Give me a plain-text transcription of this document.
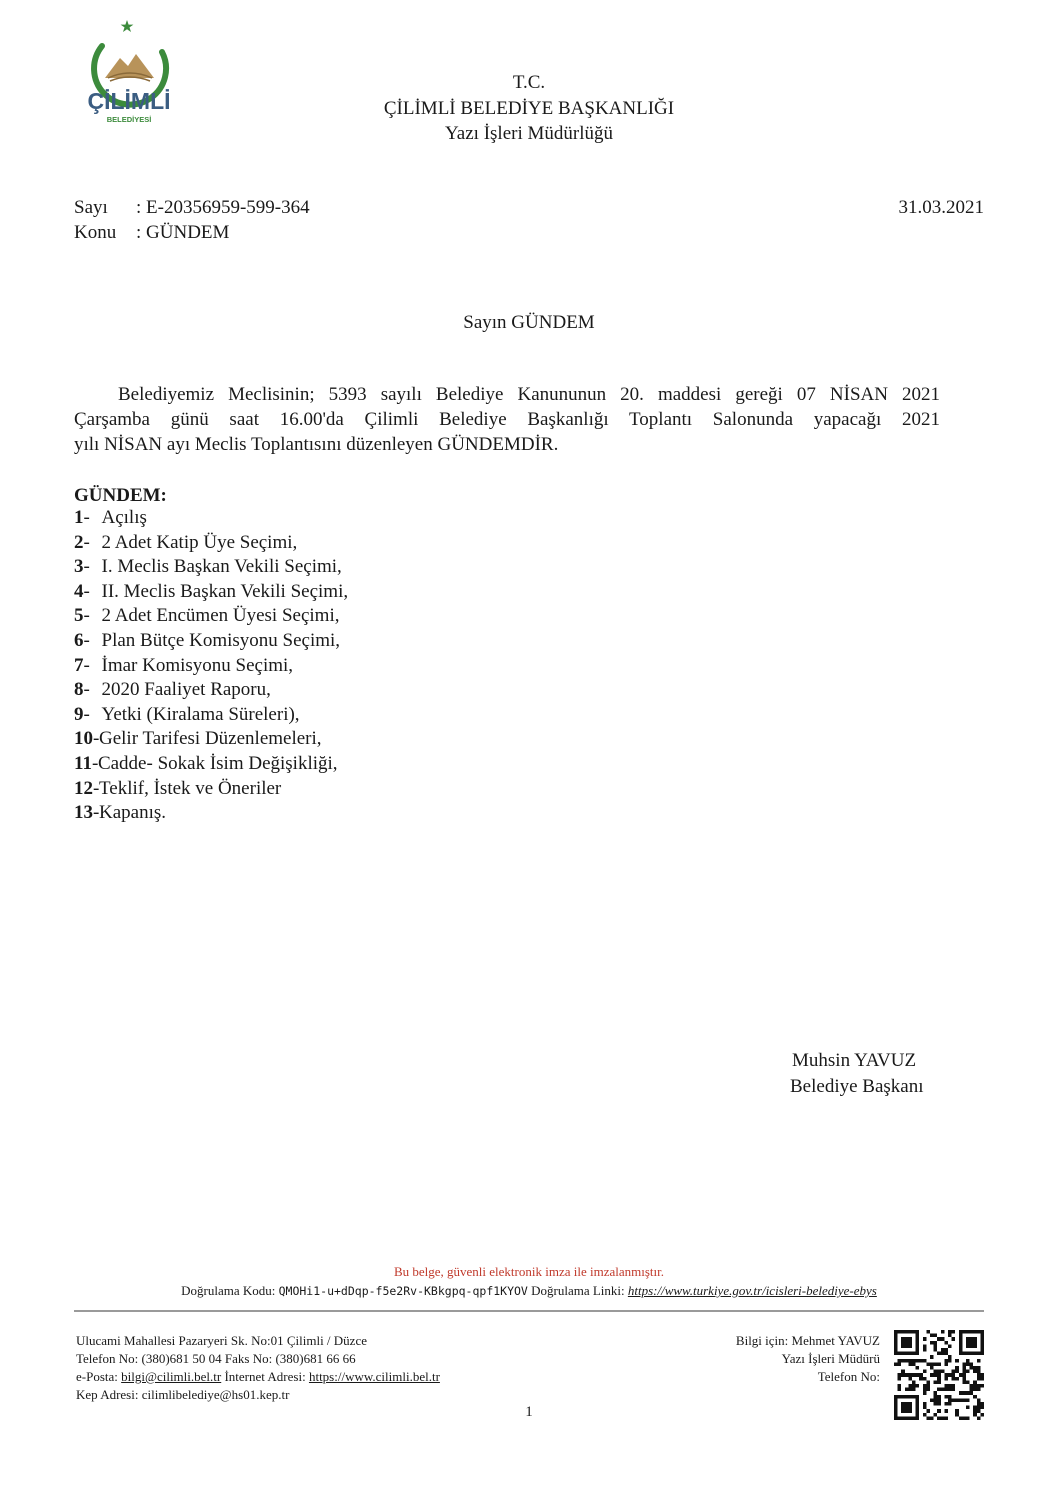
ÇİLİMLİ
BELEDİYESİ
T.C.
ÇİLİMLİ BELEDİYE BAŞKANLIĞI
Yazı İşleri Müdürlüğü
Sayı : E-20356959-599-364
Konu : GÜNDEM
31.03.2021
Sayın GÜNDEM
Belediyemiz Meclisinin; 5393 sayılı Belediye Kanununun 20. maddesi gereği 07 NİSAN 2021
Çarşamba günü saat 16.00'da Çilimli Belediye Başkanlığı Toplantı Salonunda yapacağı 2021
yılı NİSAN ayı Meclis Toplantısını düzenleyen GÜNDEMDİR.
GÜNDEM:
1-Açılış
2-2 Adet Katip Üye Seçimi,
3-I. Meclis Başkan Vekili Seçimi,
4-II. Meclis Başkan Vekili Seçimi,
5-2 Adet Encümen Üyesi Seçimi,
6-Plan Bütçe Komisyonu Seçimi,
7-İmar Komisyonu Seçimi,
8-2020 Faaliyet Raporu,
9-Yetki (Kiralama Süreleri),
10-Gelir Tarifesi Düzenlemeleri,
11-Cadde- Sokak İsim Değişikliği,
12-Teklif, İstek ve Öneriler
13-Kapanış.
Muhsin YAVUZ
Belediye Başkanı
Bu belge, güvenli elektronik imza ile imzalanmıştır.
Doğrulama Kodu: QMOHi1-u+dDqp-f5e2Rv-KBkgpq-qpf1KYOV Doğrulama Linki: https://www.turkiye.gov.tr/icisleri-belediye-ebys
Ulucami Mahallesi Pazaryeri Sk. No:01 Çilimli / Düzce
Telefon No: (380)681 50 04 Faks No: (380)681 66 66
e-Posta: bilgi@cilimli.bel.tr İnternet Adresi: https://www.cilimli.bel.tr
Kep Adresi: cilimlibelediye@hs01.kep.tr
Bilgi için: Mehmet YAVUZ
Yazı İşleri Müdürü
Telefon No:
1
